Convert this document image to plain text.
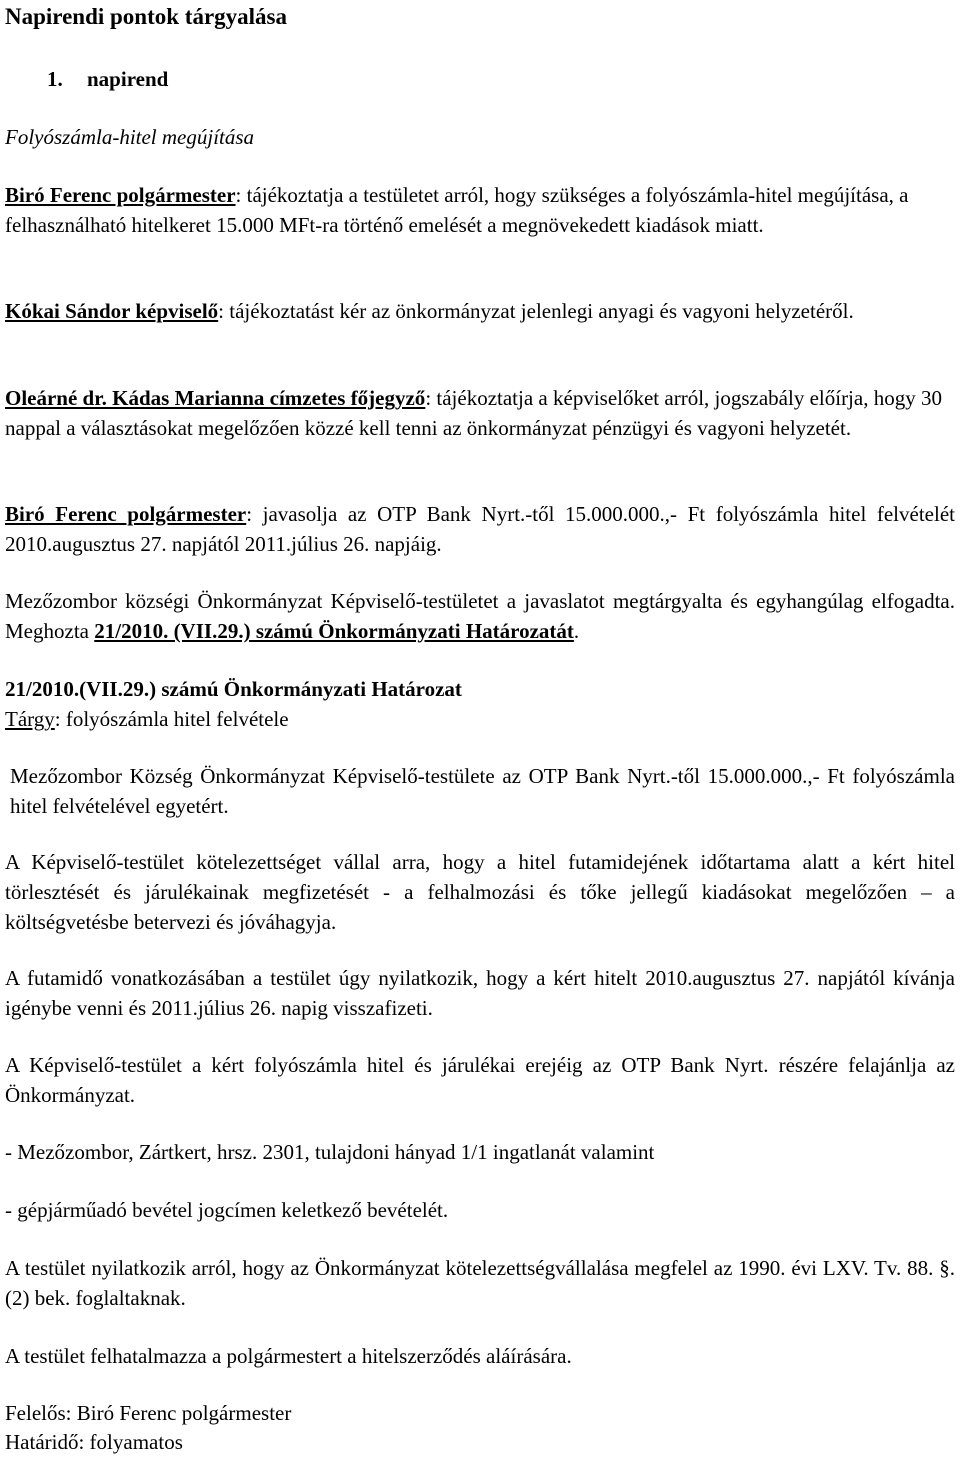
Napirendi pontok tárgyalása
1. napirend
Folyószámla-hitel megújítása

Biró Ferenc polgármester: tájékoztatja a testületet arról, hogy szükséges a folyószámla-hitel megújítása, a felhasználható hitelkeret 15.000 MFt-ra történő emelését a megnövekedett kiadások miatt.

Kókai Sándor képviselő: tájékoztatást kér az önkormányzat jelenlegi anyagi és vagyoni helyzetéről.

Oleárné dr. Kádas Marianna címzetes főjegyző: tájékoztatja a képviselőket arról, jogszabály előírja, hogy 30 nappal a választásokat megelőzően közzé kell tenni az önkormányzat pénzügyi és vagyoni helyzetét.

Biró Ferenc polgármester: javasolja az OTP Bank Nyrt.-től 15.000.000.,- Ft folyószámla hitel felvételét 2010.augusztus 27. napjától 2011.július 26. napjáig.

Mezőzombor községi Önkormányzat Képviselő-testületet a javaslatot megtárgyalta és egyhangúlag elfogadta. Meghozta 21/2010. (VII.29.) számú Önkormányzati Határozatát.

21/2010.(VII.29.) számú Önkormányzati Határozat
Tárgy: folyószámla hitel felvétele

Mezőzombor Község Önkormányzat Képviselő-testülete az OTP Bank Nyrt.-től 15.000.000.,- Ft folyószámla hitel felvételével egyetért.

A Képviselő-testület kötelezettséget vállal arra, hogy a hitel futamidejének időtartama alatt a kért hitel törlesztését és járulékainak megfizetését - a felhalmozási és tőke jellegű kiadásokat megelőzően – a költségvetésbe betervezi és jóváhagyja.

A futamidő vonatkozásában a testület úgy nyilatkozik, hogy a kért hitelt 2010.augusztus 27. napjától kívánja igénybe venni és 2011.július 26. napig visszafizeti.

A Képviselő-testület a kért folyószámla hitel és járulékai erejéig az OTP Bank Nyrt. részére felajánlja az Önkormányzat.

- Mezőzombor, Zártkert, hrsz. 2301, tulajdoni hányad 1/1 ingatlanát valamint

- gépjárműadó bevétel jogcímen keletkező bevételét.

A testület nyilatkozik arról, hogy az Önkormányzat kötelezettségvállalása megfelel az 1990. évi LXV. Tv. 88. §. (2) bek. foglaltaknak.

A testület felhatalmazza a polgármestert a hitelszerződés aláírására.

Felelős: Biró Ferenc polgármester
Határidő: folyamatos
